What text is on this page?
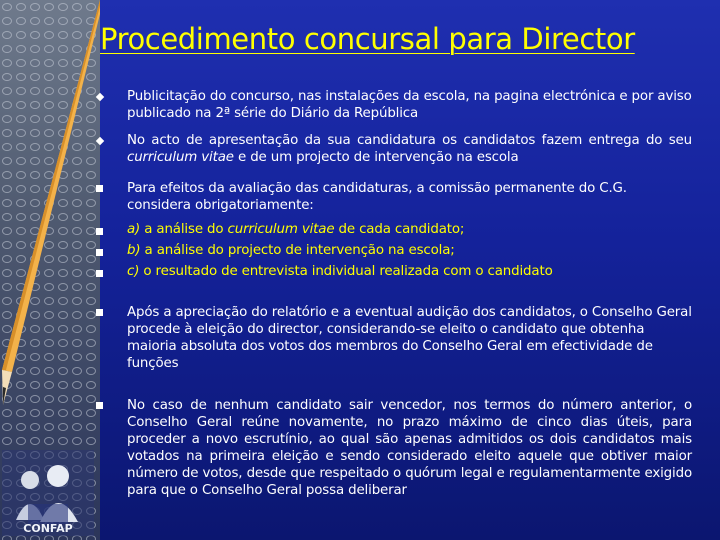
CONFAP
Procedimento concursal para Director
Publicitação do concurso, nas instalações da escola, na pagina electrónica e por aviso publicado na 2ª série do Diário da República
No acto de apresentação da sua candidatura os candidatos fazem entrega do seu curriculum vitae e de um projecto de intervenção na escola
Para efeitos da avaliação das candidaturas, a comissão permanente do C.G. considera obrigatoriamente:
a) a análise do curriculum vitae de cada candidato;
b) a análise do projecto de intervenção na escola;
c) o resultado de entrevista individual realizada com o candidato
Após a apreciação do relatório e a eventual audição dos candidatos, o Conselho Geral procede à eleição do director, considerando-se eleito o candidato que obtenha maioria absoluta dos votos dos membros do Conselho Geral em efectividade de funções
No caso de nenhum candidato sair vencedor, nos termos do número anterior, o Conselho Geral reúne novamente, no prazo máximo de cinco dias úteis, para proceder a novo escrutínio, ao qual são apenas admitidos os dois candidatos mais votados na primeira eleição e sendo considerado eleito aquele que obtiver maior número de votos, desde que respeitado o quórum legal e regulamentarmente exigido para que o Conselho Geral possa deliberar
